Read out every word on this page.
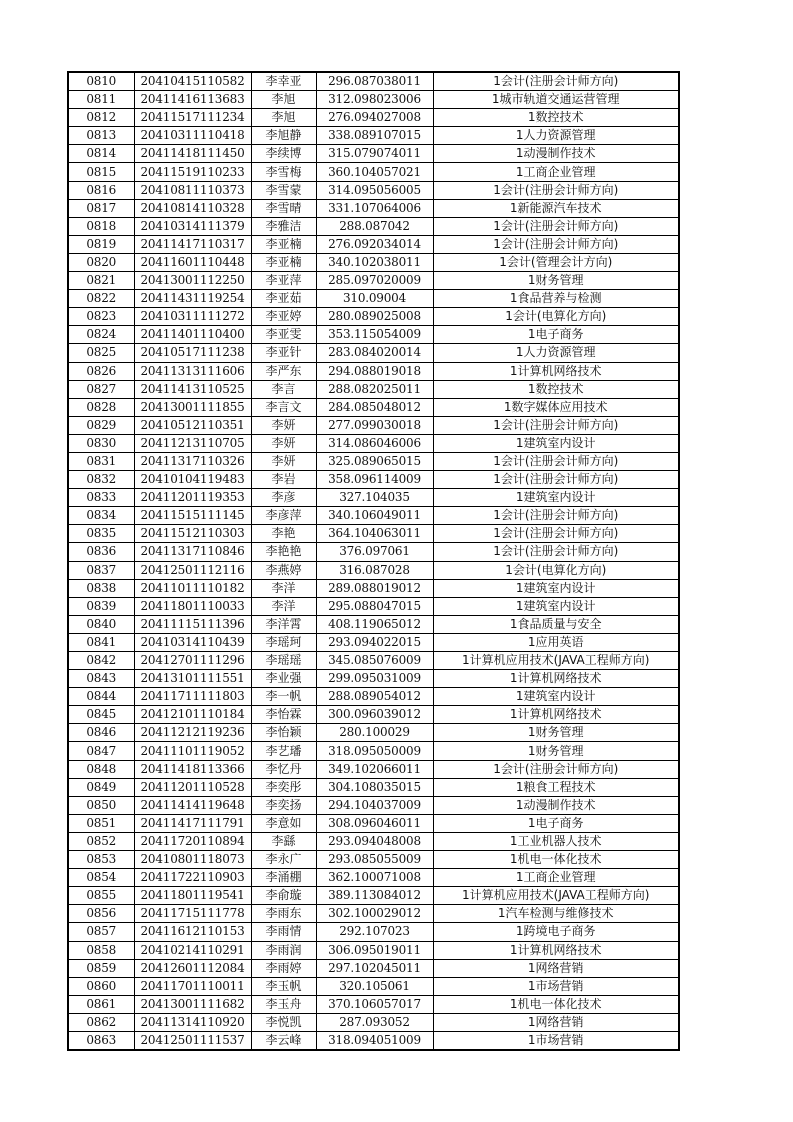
0810	20410415110582	李幸亚	296.087038011	1会计(注册会计师方向)
0811	20411416113683	李旭	312.098023006	1城市轨道交通运营管理
0812	20411517111234	李旭	276.094027008	1数控技术
0813	20410311110418	李旭静	338.089107015	1人力资源管理
0814	20411418111450	李续博	315.079074011	1动漫制作技术
0815	20411519110233	李雪梅	360.104057021	1工商企业管理
0816	20410811110373	李雪蒙	314.095056005	1会计(注册会计师方向)
0817	20410814110328	李雪晴	331.107064006	1新能源汽车技术
0818	20410314111379	李雅洁	288.087042	1会计(注册会计师方向)
0819	20411417110317	李亚楠	276.092034014	1会计(注册会计师方向)
0820	20411601110448	李亚楠	340.102038011	1会计(管理会计方向)
0821	20413001112250	李亚萍	285.097020009	1财务管理
0822	20411431119254	李亚茹	310.09004	1食品营养与检测
0823	20410311111272	李亚婷	280.089025008	1会计(电算化方向)
0824	20411401110400	李亚雯	353.115054009	1电子商务
0825	20410517111238	李亚针	283.084020014	1人力资源管理
0826	20411313111606	李严东	294.088019018	1计算机网络技术
0827	20411413110525	李言	288.082025011	1数控技术
0828	20413001111855	李言文	284.085048012	1数字媒体应用技术
0829	20410512110351	李妍	277.099030018	1会计(注册会计师方向)
0830	20411213110705	李妍	314.086046006	1建筑室内设计
0831	20411317110326	李妍	325.089065015	1会计(注册会计师方向)
0832	20410104119483	李岩	358.096114009	1会计(注册会计师方向)
0833	20411201119353	李彦	327.104035	1建筑室内设计
0834	20411515111145	李彦萍	340.106049011	1会计(注册会计师方向)
0835	20411512110303	李艳	364.104063011	1会计(注册会计师方向)
0836	20411317110846	李艳艳	376.097061	1会计(注册会计师方向)
0837	20412501112116	李燕婷	316.087028	1会计(电算化方向)
0838	20411011110182	李洋	289.088019012	1建筑室内设计
0839	20411801110033	李洋	295.088047015	1建筑室内设计
0840	20411115111396	李洋霄	408.119065012	1食品质量与安全
0841	20410314110439	李瑶珂	293.094022015	1应用英语
0842	20412701111296	李瑶瑶	345.085076009	1计算机应用技术(JAVA工程师方向)
0843	20413101111551	李业强	299.095031009	1计算机网络技术
0844	20411711111803	李一帆	288.089054012	1建筑室内设计
0845	20412101110184	李怡霖	300.096039012	1计算机网络技术
0846	20411212119236	李怡颖	280.100029	1财务管理
0847	20411101119052	李艺璠	318.095050009	1财务管理
0848	20411418113366	李忆丹	349.102066011	1会计(注册会计师方向)
0849	20411201110528	李奕彤	304.108035015	1粮食工程技术
0850	20411414119648	李奕扬	294.104037009	1动漫制作技术
0851	20411417111791	李意如	308.096046011	1电子商务
0852	20411720110894	李繇	293.094048008	1工业机器人技术
0853	20410801118073	李永广	293.085055009	1机电一体化技术
0854	20411722110903	李涌棚	362.100071008	1工商企业管理
0855	20411801119541	李俞璇	389.113084012	1计算机应用技术(JAVA工程师方向)
0856	20411715111778	李雨东	302.100029012	1汽车检测与维修技术
0857	20411612110153	李雨情	292.107023	1跨境电子商务
0858	20410214110291	李雨润	306.095019011	1计算机网络技术
0859	20412601112084	李雨婷	297.102045011	1网络营销
0860	20411701110011	李玉帆	320.105061	1市场营销
0861	20413001111682	李玉舟	370.106057017	1机电一体化技术
0862	20411314110920	李悦凯	287.093052	1网络营销
0863	20412501111537	李云峰	318.094051009	1市场营销
